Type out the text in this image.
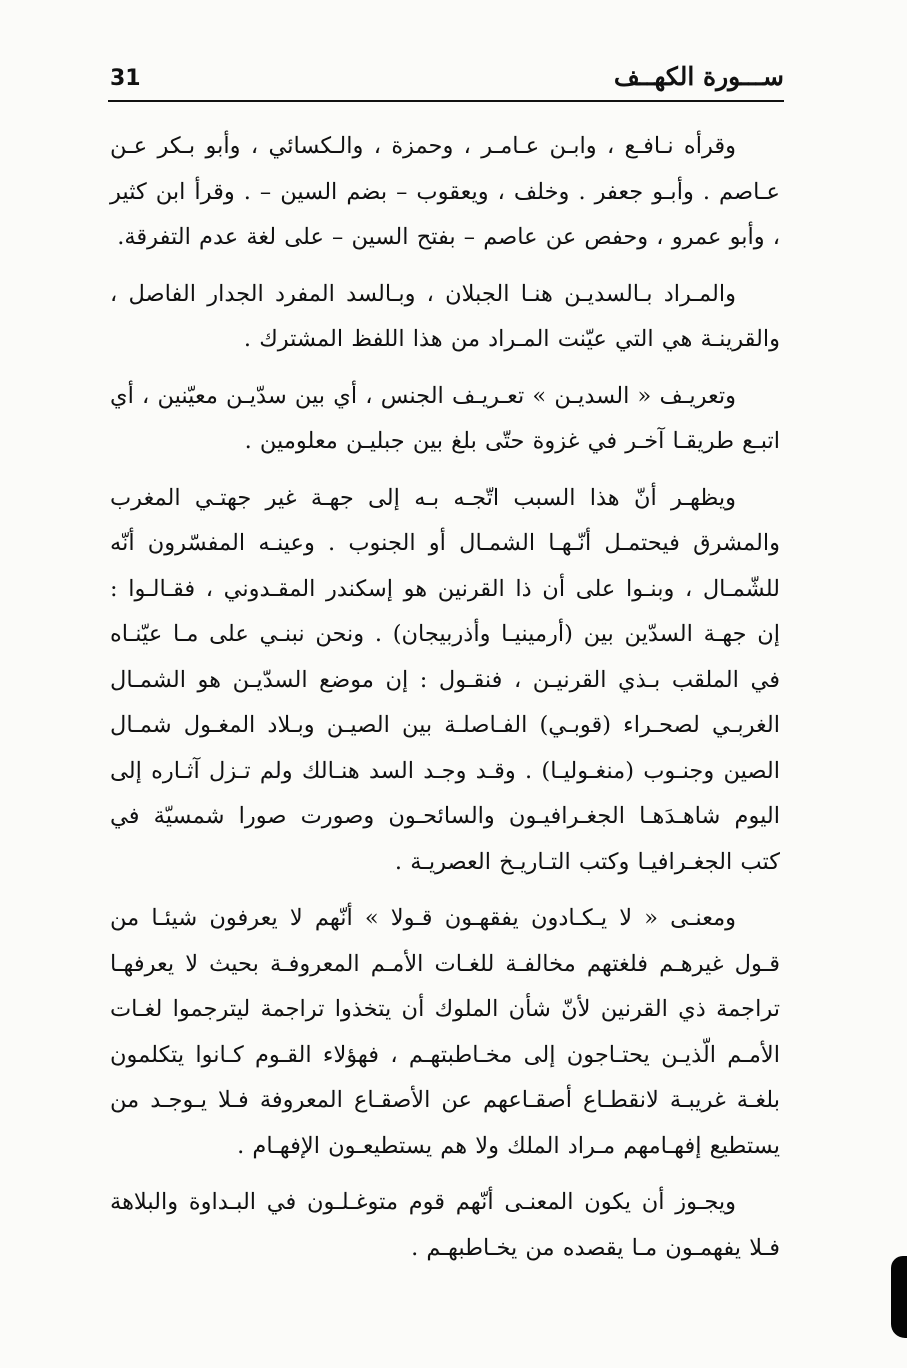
31	ســـورة الكهــف

وقرأه نـافـع ، وابـن عـامـر ، وحمزة ، والـكسائي ، وأبو بـكر عـن عـاصم . وأبـو جعفر . وخلف ، ويعقوب – بضم السين – . وقرأ ابن كثير ، وأبو عمرو ، وحفص عن عاصم – بفتح السين – على لغة عدم التفرقة.

والمـراد بـالسديـن هنـا الجبلان ، وبـالسد المفرد الجدار الفاصل ، والقرينـة هي التي عيّنت المـراد من هذا اللفظ المشترك .

وتعريـف « السديـن » تعـريـف الجنس ، أي بين سدّيـن معيّنين ، أي اتبـع طريقـا آخـر في غزوة حتّى بلغ بين جبليـن معلومين .

ويظهـر أنّ هذا السبب اتّجـه بـه إلى جهـة غير جهتـي المغرب والمشرق فيحتمـل أنّـهـا الشمـال أو الجنوب . وعينـه المفسّرون أنّه للشّمـال ، وبنـوا على أن ذا القرنين هو إسكندر المقـدوني ، فقـالـوا : إن جهـة السدّين بين (أرمينيـا وأذربيجان) . ونحن نبنـي على مـا عيّنـاه في الملقب بـذي القرنيـن ، فنقـول : إن موضع السدّيـن هو الشمـال الغربـي لصحـراء (قوبـي) الفـاصلـة بين الصيـن وبـلاد المغـول شمـال الصين وجنـوب (منغـوليـا) . وقـد وجـد السد هنـالك ولم تـزل آثـاره إلى اليوم شاهـدَهـا الجغـرافيـون والسائحـون وصورت صورا شمسيّة في كتب الجغـرافيـا وكتب التـاريـخ العصريـة .

ومعنـى « لا يـكـادون يفقهـون قـولا » أنّهم لا يعرفون شيئـا من قـول غيرهـم فلغتهم مخالفـة للغـات الأمـم المعروفـة بحيث لا يعرفهـا تراجمة ذي القرنين لأنّ شأن الملوك أن يتخذوا تراجمة ليترجموا لغـات الأمـم الّذيـن يحتـاجون إلى مخـاطبتهـم ، فهؤلاء القـوم كـانوا يتكلمون بلغـة غريبـة لانقطـاع أصقـاعهم عن الأصقـاع المعروفة فـلا يـوجـد من يستطيع إفهـامهم مـراد الملك ولا هم يستطيعـون الإفهـام .

ويجـوز أن يكون المعنـى أنّهم قوم متوغـلـون في البـداوة والبلاهة فـلا يفهمـون مـا يقصده من يخـاطبهـم .
